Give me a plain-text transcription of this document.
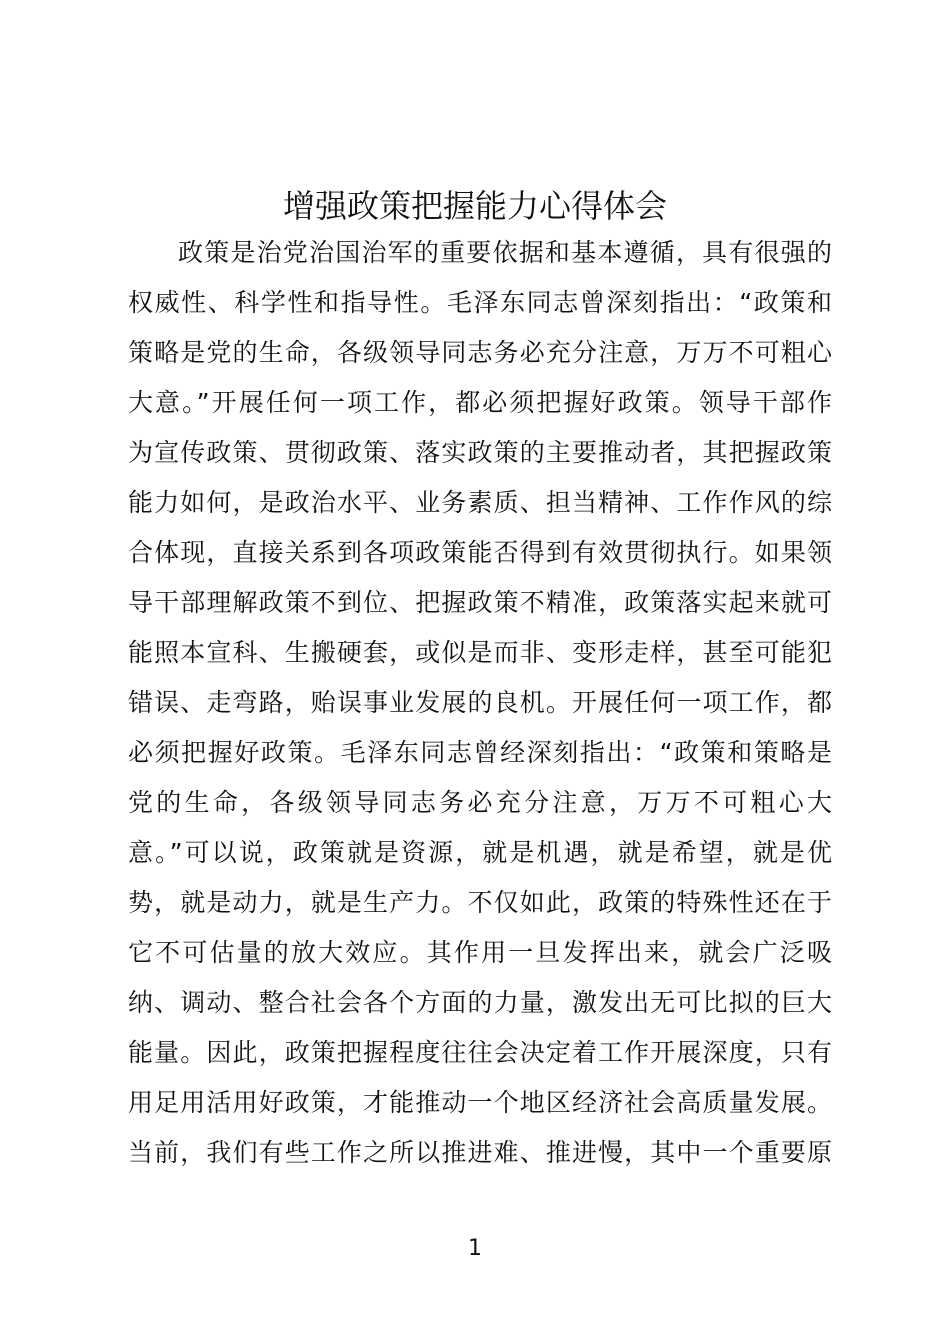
增强政策把握能力心得体会
政策是治党治国治军的重要依据和基本遵循，具有很强的
权威性、科学性和指导性。毛泽东同志曾深刻指出：“政策和
策略是党的生命，各级领导同志务必充分注意，万万不可粗心
大意。”开展任何一项工作，都必须把握好政策。领导干部作
为宣传政策、贯彻政策、落实政策的主要推动者，其把握政策
能力如何，是政治水平、业务素质、担当精神、工作作风的综
合体现，直接关系到各项政策能否得到有效贯彻执行。如果领
导干部理解政策不到位、把握政策不精准，政策落实起来就可
能照本宣科、生搬硬套，或似是而非、变形走样，甚至可能犯
错误、走弯路，贻误事业发展的良机。开展任何一项工作，都
必须把握好政策。毛泽东同志曾经深刻指出：“政策和策略是
党的生命，各级领导同志务必充分注意，万万不可粗心大
意。”可以说，政策就是资源，就是机遇，就是希望，就是优
势，就是动力，就是生产力。不仅如此，政策的特殊性还在于
它不可估量的放大效应。其作用一旦发挥出来，就会广泛吸
纳、调动、整合社会各个方面的力量，激发出无可比拟的巨大
能量。因此，政策把握程度往往会决定着工作开展深度，只有
用足用活用好政策，才能推动一个地区经济社会高质量发展。
当前，我们有些工作之所以推进难、推进慢，其中一个重要原
1
